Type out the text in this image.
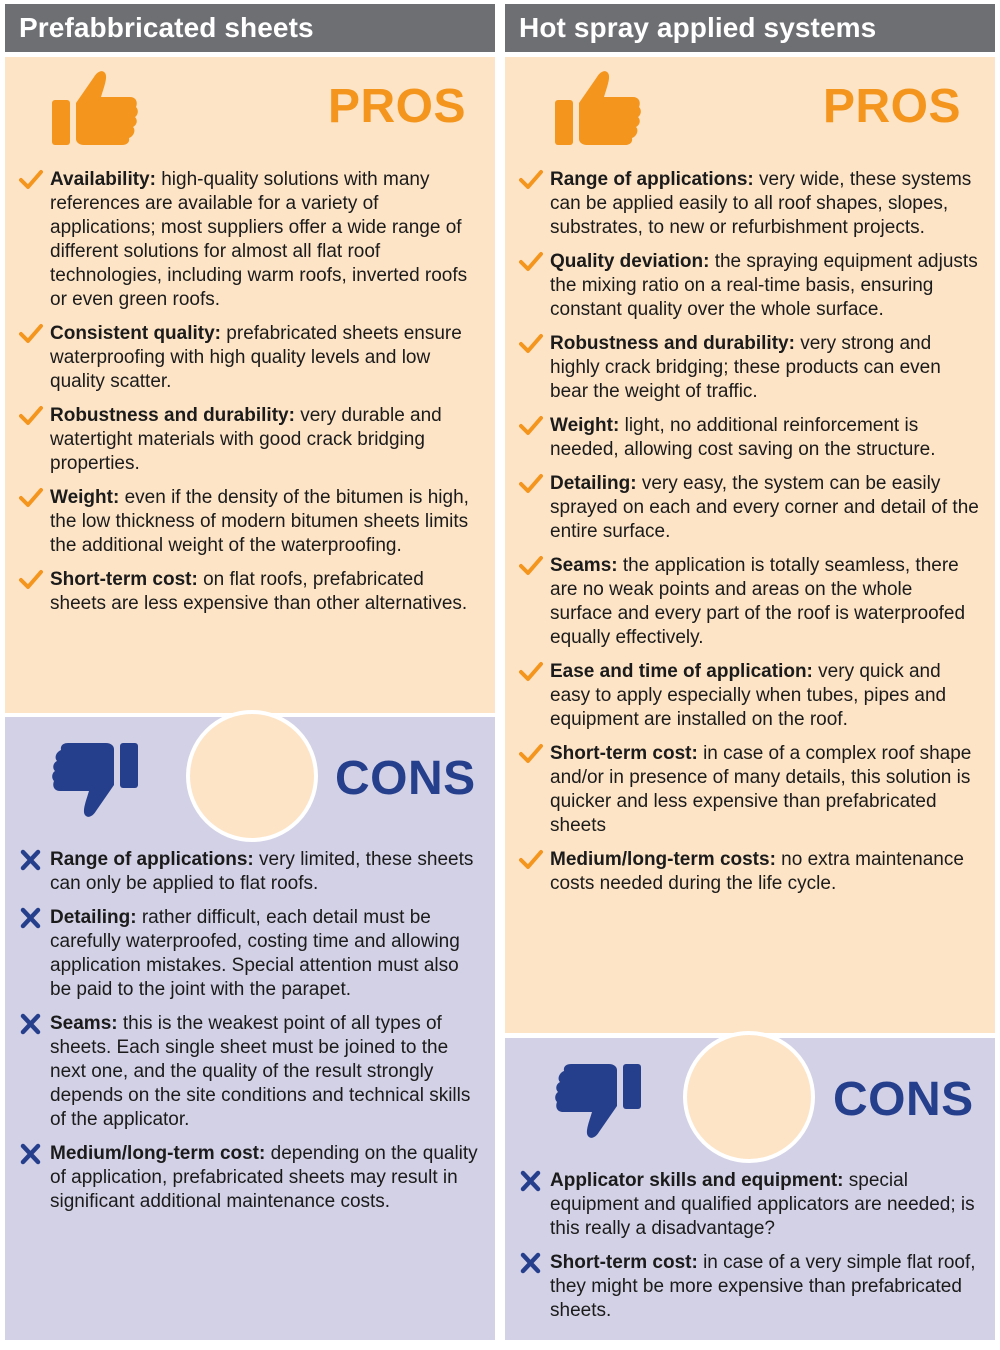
Prefabbricated sheets
PROS
Availability: high-quality solutions with many references are available for a variety of applications; most suppliers offer a wide range of different solutions for almost all flat roof technologies, including warm roofs, inverted roofs or even green roofs.
Consistent quality: prefabricated sheets ensure waterproofing with high quality levels and low quality scatter.
Robustness and durability: very durable and watertight materials with good crack bridging properties.
Weight: even if the density of the bitumen is high, the low thickness of modern bitumen sheets limits the additional weight of the waterproofing.
Short-term cost: on flat roofs, prefabricated sheets are less expensive than other alternatives.
CONS
Range of applications: very limited, these sheets can only be applied to flat roofs.
Detailing: rather difficult, each detail must be carefully waterproofed, costing time and allowing application mistakes. Special attention must also be paid to the joint with the parapet.
Seams: this is the weakest point of all types of sheets. Each single sheet must be joined to the next one, and the quality of the result strongly depends on the site conditions and technical skills of the applicator.
Medium/long-term cost: depending on the quality of application, prefabricated sheets may result in significant additional maintenance costs.
Hot spray applied systems
PROS
Range of applications: very wide, these systems can be applied easily to all roof shapes, slopes, substrates, to new or refurbishment projects.
Quality deviation: the spraying equipment adjusts the mixing ratio on a real-time basis, ensuring constant quality over the whole surface.
Robustness and durability: very strong and highly crack bridging; these products can even bear the weight of traffic.
Weight: light, no additional reinforcement is needed, allowing cost saving on the structure.
Detailing: very easy, the system can be easily sprayed on each and every corner and detail of the entire surface.
Seams: the application is totally seamless, there are no weak points and areas on the whole surface and every part of the roof is waterproofed equally effectively.
Ease and time of application: very quick and easy to apply especially when tubes, pipes and equipment are installed on the roof.
Short-term cost: in case of a complex roof shape and/or in presence of many details, this solution is quicker and less expensive than prefabricated sheets
Medium/long-term costs: no extra maintenance costs needed during the life cycle.
CONS
Applicator skills and equipment: special equipment and qualified applicators are needed; is this really a disadvantage?
Short-term cost: in case of a very simple flat roof, they might be more expensive than prefabricated sheets.
